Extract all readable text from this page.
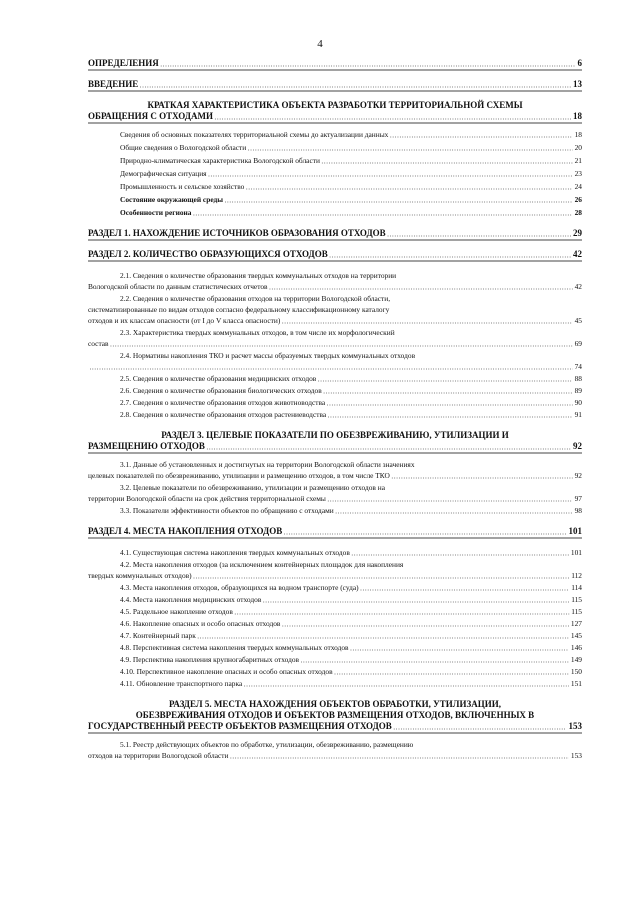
4
ОПРЕДЕЛЕНИЯ	6
ВВЕДЕНИЕ	13
КРАТКАЯ ХАРАКТЕРИСТИКА ОБЪЕКТА РАЗРАБОТКИ ТЕРРИТОРИАЛЬНОЙ СХЕМЫ
ОБРАЩЕНИЯ С ОТХОДАМИ	18
Сведения об основных показателях территориальной схемы до актуализации данных	18
Общие сведения о Вологодской области	20
Природно-климатическая характеристика Вологодской области	21
Демографическая ситуация	23
Промышленность и сельское хозяйство	24
Состояние окружающей среды	26
Особенности региона	28
РАЗДЕЛ 1. НАХОЖДЕНИЕ ИСТОЧНИКОВ ОБРАЗОВАНИЯ ОТХОДОВ	29
РАЗДЕЛ 2. КОЛИЧЕСТВО ОБРАЗУЮЩИХСЯ ОТХОДОВ	42
2.1. Сведения о количестве образования твердых коммунальных отходов на территории
Вологодской области по данным статистических отчетов	42
2.2. Сведения о количестве образования отходов на территории Вологодской области,
систематизированные по видам отходов согласно федеральному классификационному каталогу
отходов и их классам опасности (от I до V класса опасности)	45
2.3. Характеристика твердых коммунальных отходов, в том числе их морфологический
состав	69
2.4. Нормативы накопления ТКО и расчет массы образуемых твердых коммунальных отходов
74
2.5. Сведения о количестве образования медицинских отходов	88
2.6. Сведения о количестве образования биологических отходов	89
2.7. Сведения о количестве образования отходов животноводства	90
2.8. Сведения о количестве образования отходов растениеводства	91
РАЗДЕЛ 3. ЦЕЛЕВЫЕ ПОКАЗАТЕЛИ ПО ОБЕЗВРЕЖИВАНИЮ, УТИЛИЗАЦИИ И
РАЗМЕЩЕНИЮ ОТХОДОВ	92
3.1. Данные об установленных и достигнутых на территории Вологодской области значениях
целевых показателей по обезвреживанию, утилизации и размещению отходов, в том числе ТКО	92
3.2. Целевые показатели по обезвреживанию, утилизации и размещению отходов на
территории Вологодской области на срок действия территориальной схемы	97
3.3. Показатели эффективности объектов по обращению с отходами	98
РАЗДЕЛ 4. МЕСТА НАКОПЛЕНИЯ ОТХОДОВ	101
4.1. Существующая система накопления твердых коммунальных отходов	101
4.2. Места накопления отходов (за исключением контейнерных площадок для накопления
твердых коммунальных отходов)	112
4.3. Места накопления отходов, образующихся на водном транспорте (суда)	114
4.4. Места накопления медицинских отходов	115
4.5. Раздельное накопление отходов	115
4.6. Накопление опасных и особо опасных отходов	127
4.7. Контейнерный парк	145
4.8. Перспективная система накопления твердых коммунальных отходов	146
4.9. Перспектива накопления крупногабаритных отходов	149
4.10. Перспективное накопление опасных и особо опасных отходов	150
4.11. Обновление транспортного парка	151
РАЗДЕЛ 5. МЕСТА НАХОЖДЕНИЯ ОБЪЕКТОВ ОБРАБОТКИ, УТИЛИЗАЦИИ,
ОБЕЗВРЕЖИВАНИЯ ОТХОДОВ И ОБЪЕКТОВ РАЗМЕЩЕНИЯ ОТХОДОВ, ВКЛЮЧЕННЫХ В
ГОСУДАРСТВЕННЫЙ РЕЕСТР ОБЪЕКТОВ РАЗМЕЩЕНИЯ ОТХОДОВ	153
5.1. Реестр действующих объектов по обработке, утилизации, обезвреживанию, размещению
отходов на территории Вологодской области	153
